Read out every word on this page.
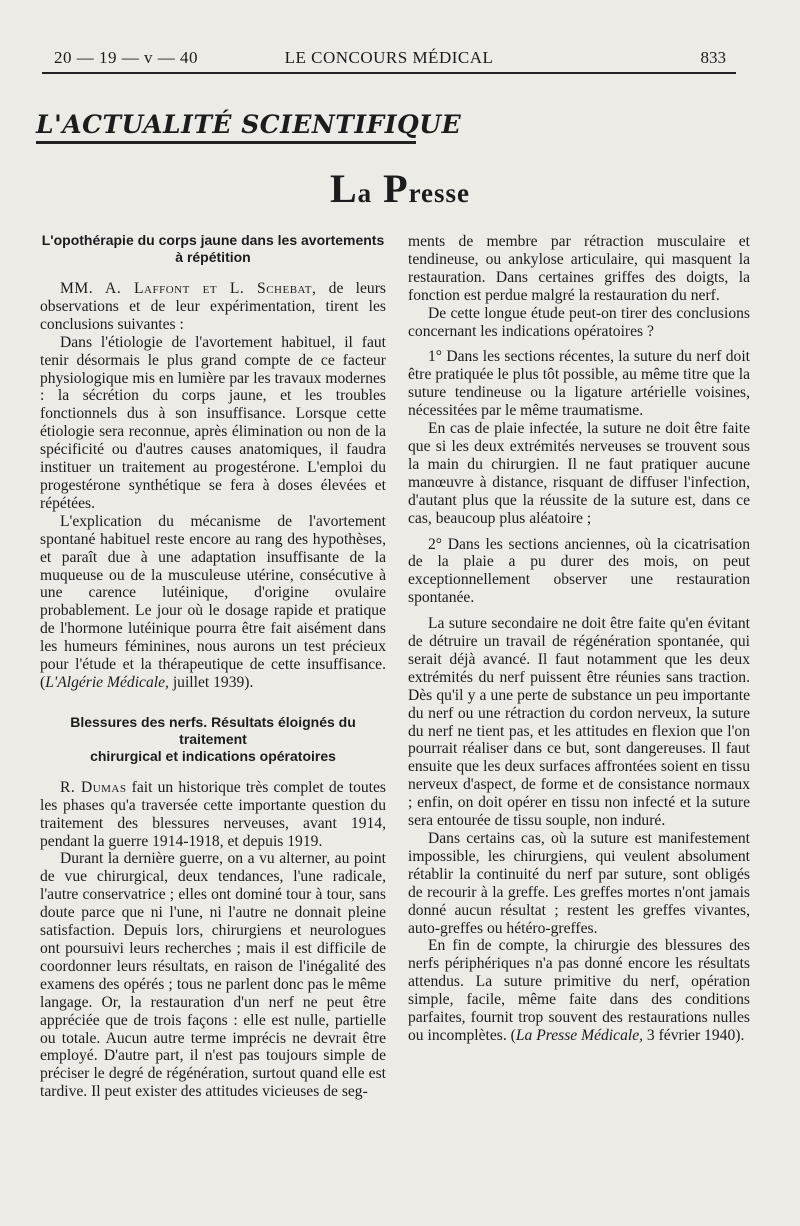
20 — 19 — v — 40	LE CONCOURS MÉDICAL	833
L'ACTUALITÉ SCIENTIFIQUE
La Presse
L'opothérapie du corps jaune dans les avortements
à répétition

MM. A. Laffont et L. Schebat, de leurs observations et de leur expérimentation, tirent les conclusions suivantes :

Dans l'étiologie de l'avortement habituel, il faut tenir désormais le plus grand compte de ce facteur physiologique mis en lumière par les travaux modernes : la sécrétion du corps jaune, et les troubles fonctionnels dus à son insuffisance. Lorsque cette étiologie sera reconnue, après élimination ou non de la spécificité ou d'autres causes anatomiques, il faudra instituer un traitement au progestérone. L'emploi du progestérone synthétique se fera à doses élevées et répétées.

L'explication du mécanisme de l'avortement spontané habituel reste encore au rang des hypothèses, et paraît due à une adaptation insuffisante de la muqueuse ou de la musculeuse utérine, consécutive à une carence lutéinique, d'origine ovulaire probablement. Le jour où le dosage rapide et pratique de l'hormone lutéinique pourra être fait aisément dans les humeurs féminines, nous aurons un test précieux pour l'étude et la thérapeutique de cette insuffisance. (L'Algérie Médicale, juillet 1939).

Blessures des nerfs. Résultats éloignés du traitement
chirurgical et indications opératoires

R. Dumas fait un historique très complet de toutes les phases qu'a traversée cette importante question du traitement des blessures nerveuses, avant 1914, pendant la guerre 1914-1918, et depuis 1919.

Durant la dernière guerre, on a vu alterner, au point de vue chirurgical, deux tendances, l'une radicale, l'autre conservatrice ; elles ont dominé tour à tour, sans doute parce que ni l'une, ni l'autre ne donnait pleine satisfaction. Depuis lors, chirurgiens et neurologues ont poursuivi leurs recherches ; mais il est difficile de coordonner leurs résultats, en raison de l'inégalité des examens des opérés ; tous ne parlent donc pas le même langage. Or, la restauration d'un nerf ne peut être appréciée que de trois façons : elle est nulle, partielle ou totale. Aucun autre terme imprécis ne devrait être employé. D'autre part, il n'est pas toujours simple de préciser le degré de régénération, surtout quand elle est tardive. Il peut exister des attitudes vicieuses de seg-

ments de membre par rétraction musculaire et tendineuse, ou ankylose articulaire, qui masquent la restauration. Dans certaines griffes des doigts, la fonction est perdue malgré la restauration du nerf.

De cette longue étude peut-on tirer des conclusions concernant les indications opératoires ?

1° Dans les sections récentes, la suture du nerf doit être pratiquée le plus tôt possible, au même titre que la suture tendineuse ou la ligature artérielle voisines, nécessitées par le même traumatisme.

En cas de plaie infectée, la suture ne doit être faite que si les deux extrémités nerveuses se trouvent sous la main du chirurgien. Il ne faut pratiquer aucune manœuvre à distance, risquant de diffuser l'infection, d'autant plus que la réussite de la suture est, dans ce cas, beaucoup plus aléatoire ;

2° Dans les sections anciennes, où la cicatrisation de la plaie a pu durer des mois, on peut exceptionnellement observer une restauration spontanée.

La suture secondaire ne doit être faite qu'en évitant de détruire un travail de régénération spontanée, qui serait déjà avancé. Il faut notamment que les deux extrémités du nerf puissent être réunies sans traction. Dès qu'il y a une perte de substance un peu importante du nerf ou une rétraction du cordon nerveux, la suture du nerf ne tient pas, et les attitudes en flexion que l'on pourrait réaliser dans ce but, sont dangereuses. Il faut ensuite que les deux surfaces affrontées soient en tissu nerveux d'aspect, de forme et de consistance normaux ; enfin, on doit opérer en tissu non infecté et la suture sera entourée de tissu souple, non induré.

Dans certains cas, où la suture est manifestement impossible, les chirurgiens, qui veulent absolument rétablir la continuité du nerf par suture, sont obligés de recourir à la greffe. Les greffes mortes n'ont jamais donné aucun résultat ; restent les greffes vivantes, auto-greffes ou hétéro-greffes.

En fin de compte, la chirurgie des blessures des nerfs périphériques n'a pas donné encore les résultats attendus. La suture primitive du nerf, opération simple, facile, même faite dans des conditions parfaites, fournit trop souvent des restaurations nulles ou incomplètes. (La Presse Médicale, 3 février 1940).
